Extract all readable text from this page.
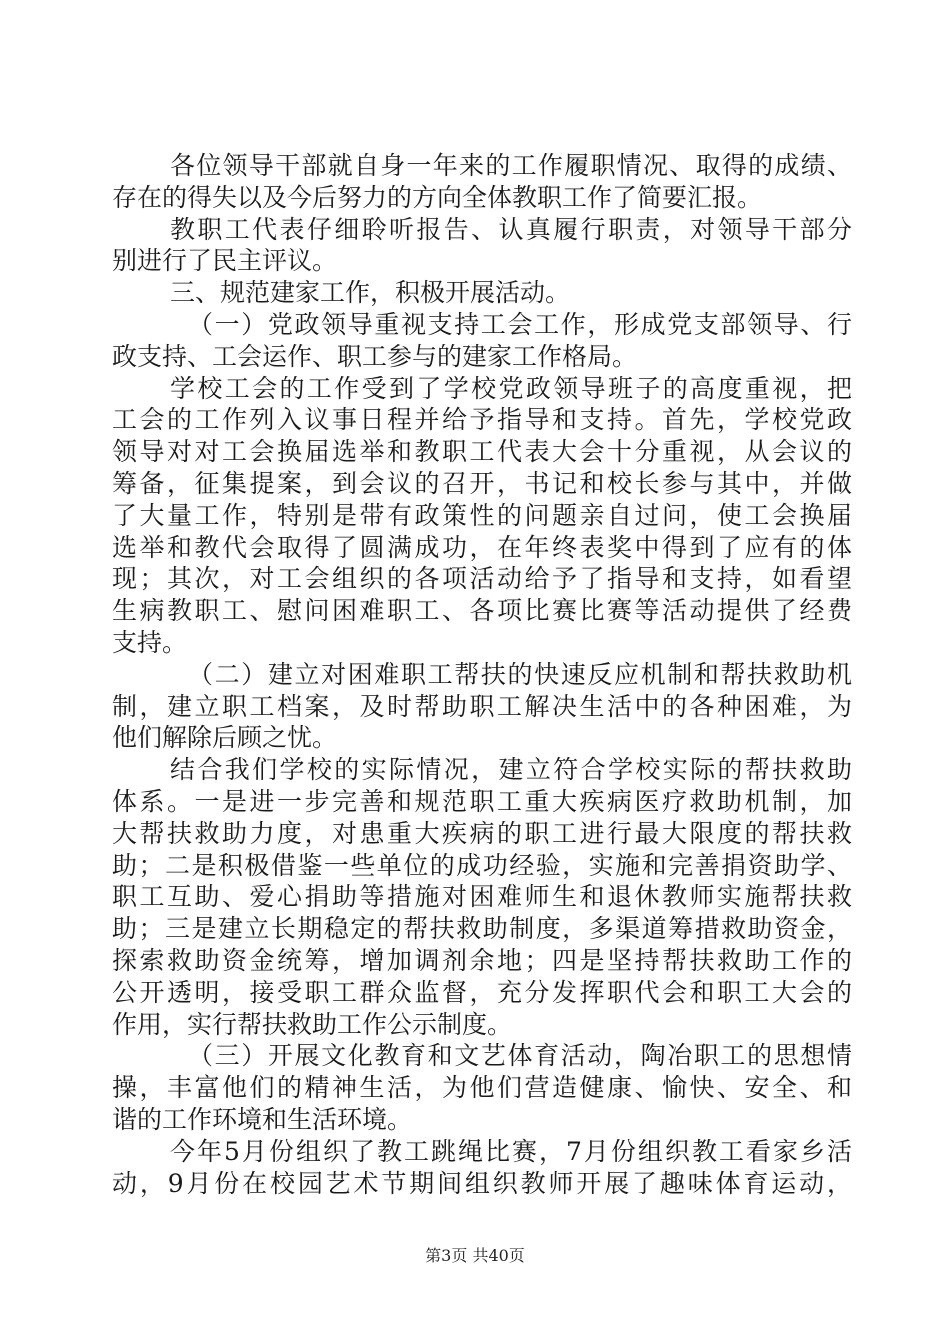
各位领导干部就自身一年来的工作履职情况、取得的成绩、
存在的得失以及今后努力的方向全体教职工作了简要汇报。
教职工代表仔细聆听报告、认真履行职责，对领导干部分
别进行了民主评议。
三、规范建家工作，积极开展活动。
（一）党政领导重视支持工会工作，形成党支部领导、行
政支持、工会运作、职工参与的建家工作格局。
学校工会的工作受到了学校党政领导班子的高度重视，把
工会的工作列入议事日程并给予指导和支持。首先，学校党政
领导对对工会换届选举和教职工代表大会十分重视，从会议的
筹备，征集提案，到会议的召开，书记和校长参与其中，并做
了大量工作，特别是带有政策性的问题亲自过问，使工会换届
选举和教代会取得了圆满成功，在年终表奖中得到了应有的体
现；其次，对工会组织的各项活动给予了指导和支持，如看望
生病教职工、慰问困难职工、各项比赛比赛等活动提供了经费
支持。
（二）建立对困难职工帮扶的快速反应机制和帮扶救助机
制，建立职工档案，及时帮助职工解决生活中的各种困难，为
他们解除后顾之忧。
结合我们学校的实际情况，建立符合学校实际的帮扶救助
体系。一是进一步完善和规范职工重大疾病医疗救助机制，加
大帮扶救助力度，对患重大疾病的职工进行最大限度的帮扶救
助；二是积极借鉴一些单位的成功经验，实施和完善捐资助学、
职工互助、爱心捐助等措施对困难师生和退休教师实施帮扶救
助；三是建立长期稳定的帮扶救助制度，多渠道筹措救助资金，
探索救助资金统筹，增加调剂余地；四是坚持帮扶救助工作的
公开透明，接受职工群众监督，充分发挥职代会和职工大会的
作用，实行帮扶救助工作公示制度。
（三）开展文化教育和文艺体育活动，陶冶职工的思想情
操，丰富他们的精神生活，为他们营造健康、愉快、安全、和
谐的工作环境和生活环境。
今年5月份组织了教工跳绳比赛，7月份组织教工看家乡活
动，9月份在校园艺术节期间组织教师开展了趣味体育运动，
第3页 共40页
